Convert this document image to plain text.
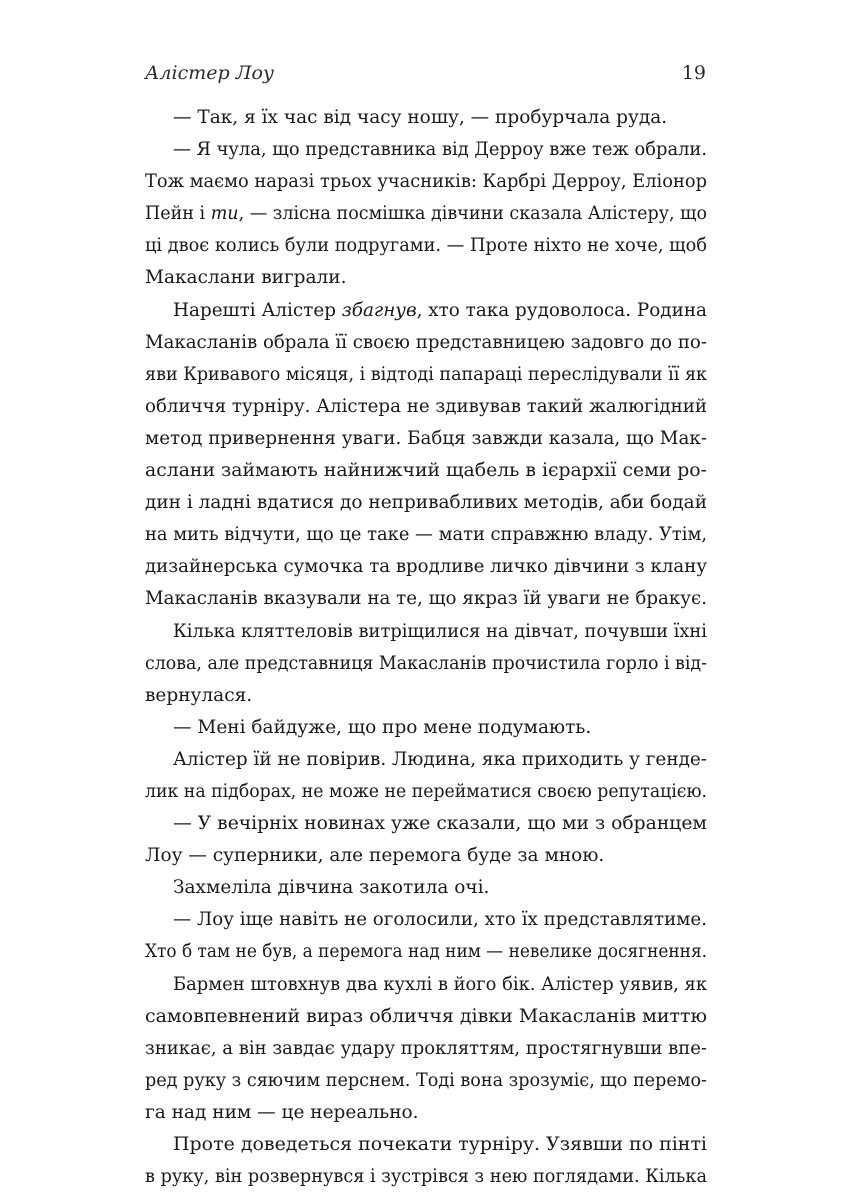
Алістер Лоу	19
— Так, я їх час від часу ношу, — пробурчала руда.
— Я чула, що представника від Дерроу вже теж обрали.
Тож маємо наразі трьох учасників: Карбрі Дерроу, Еліонор
Пейн і ти, — злісна посмішка дівчини сказала Алістеру, що
ці двоє колись були подругами. — Проте ніхто не хоче, щоб
Макаслани виграли.
Нарешті Алістер збагнув, хто така рудоволоса. Родина
Макасланів обрала її своєю представницею задовго до по-
яви Кривавого місяця, і відтоді папараці переслідували її як
обличчя турніру. Алістера не здивував такий жалюгідний
метод привернення уваги. Бабця завжди казала, що Мак-
аслани займають найнижчий щабель в ієрархії семи ро-
дин і ладні вдатися до непривабливих методів, аби бодай
на мить відчути, що це таке — мати справжню владу. Утім,
дизайнерська сумочка та вродливе личко дівчини з клану
Макасланів вказували на те, що якраз їй уваги не бракує.
Кілька кляттеловів витріщилися на дівчат, почувши їхні
слова, але представниця Макасланів прочистила горло і від-
вернулася.
— Мені байдуже, що про мене подумають.
Алістер їй не повірив. Людина, яка приходить у генде-
лик на підборах, не може не перейматися своєю репутацією.
— У вечірніх новинах уже сказали, що ми з обранцем
Лоу — суперники, але перемога буде за мною.
Захмеліла дівчина закотила очі.
— Лоу іще навіть не оголосили, хто їх представлятиме.
Хто б там не був, а перемога над ним — невелике досягнення.
Бармен штовхнув два кухлі в його бік. Алістер уявив, як
самовпевнений вираз обличчя дівки Макасланів миттю
зникає, а він завдає удару прокляттям, простягнувши впе-
ред руку з сяючим перснем. Тоді вона зрозуміє, що перемо-
га над ним — це нереально.
Проте доведеться почекати турніру. Узявши по пінті
в руку, він розвернувся і зустрівся з нею поглядами. Кілька
